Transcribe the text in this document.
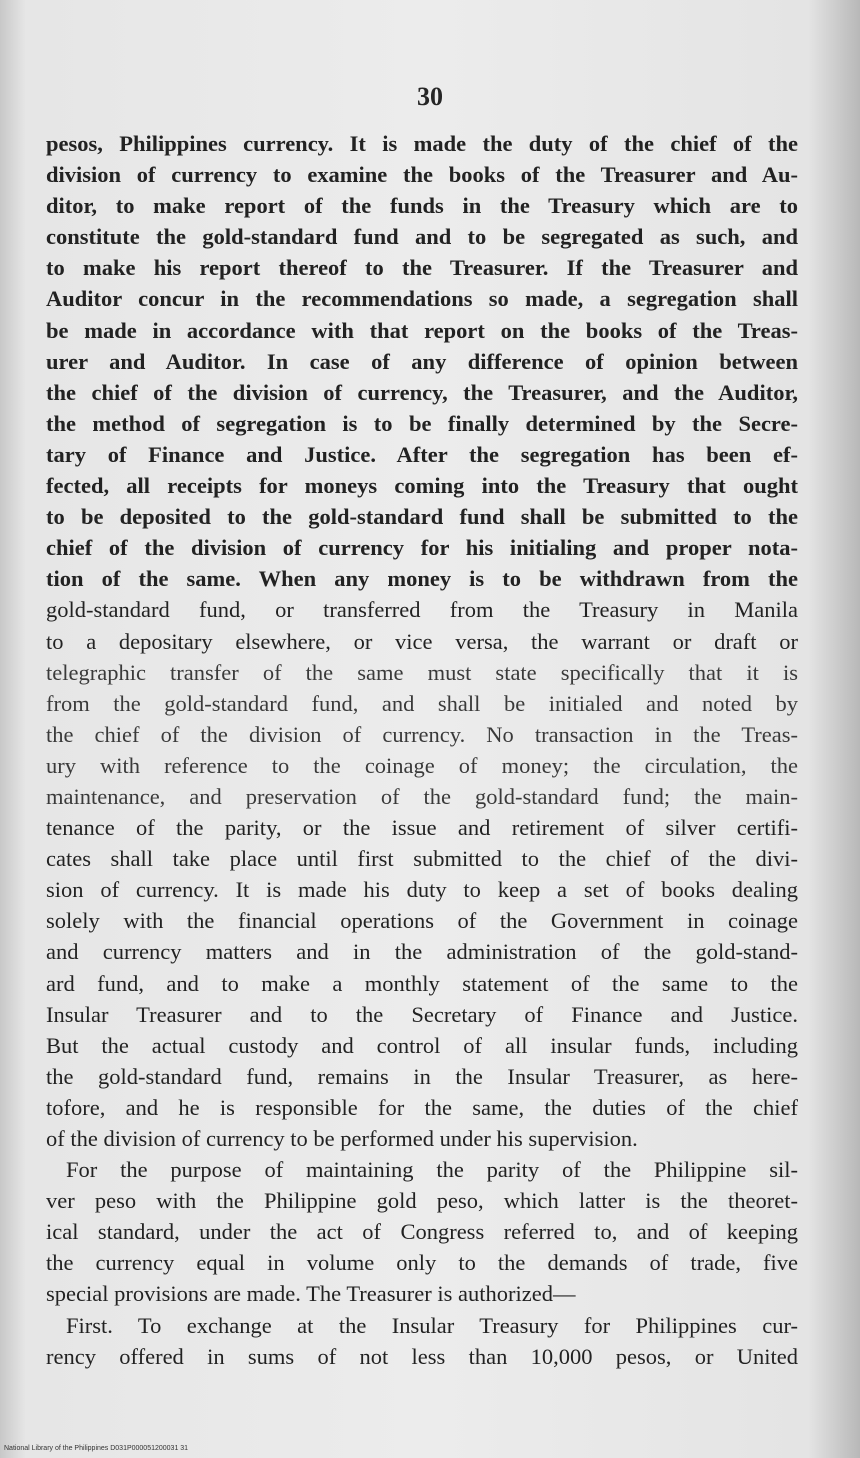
30
pesos, Philippines currency. It is made the duty of the chief of the
division of currency to examine the books of the Treasurer and Au-
ditor, to make report of the funds in the Treasury which are to
constitute the gold-standard fund and to be segregated as such, and
to make his report thereof to the Treasurer. If the Treasurer and
Auditor concur in the recommendations so made, a segregation shall
be made in accordance with that report on the books of the Treas-
urer and Auditor. In case of any difference of opinion between
the chief of the division of currency, the Treasurer, and the Auditor,
the method of segregation is to be finally determined by the Secre-
tary of Finance and Justice. After the segregation has been ef-
fected, all receipts for moneys coming into the Treasury that ought
to be deposited to the gold-standard fund shall be submitted to the
chief of the division of currency for his initialing and proper nota-
tion of the same. When any money is to be withdrawn from the
gold-standard fund, or transferred from the Treasury in Manila
to a depositary elsewhere, or vice versa, the warrant or draft or
telegraphic transfer of the same must state specifically that it is
from the gold-standard fund, and shall be initialed and noted by
the chief of the division of currency. No transaction in the Treas-
ury with reference to the coinage of money; the circulation, the
maintenance, and preservation of the gold-standard fund; the main-
tenance of the parity, or the issue and retirement of silver certifi-
cates shall take place until first submitted to the chief of the divi-
sion of currency. It is made his duty to keep a set of books dealing
solely with the financial operations of the Government in coinage
and currency matters and in the administration of the gold-stand-
ard fund, and to make a monthly statement of the same to the
Insular Treasurer and to the Secretary of Finance and Justice.
But the actual custody and control of all insular funds, including
the gold-standard fund, remains in the Insular Treasurer, as here-
tofore, and he is responsible for the same, the duties of the chief
of the division of currency to be performed under his supervision.
For the purpose of maintaining the parity of the Philippine sil-
ver peso with the Philippine gold peso, which latter is the theoret-
ical standard, under the act of Congress referred to, and of keeping
the currency equal in volume only to the demands of trade, five
special provisions are made. The Treasurer is authorized—
First. To exchange at the Insular Treasury for Philippines cur-
rency offered in sums of not less than 10,000 pesos, or United
National Library of the Philippines D031P000051200031 31
